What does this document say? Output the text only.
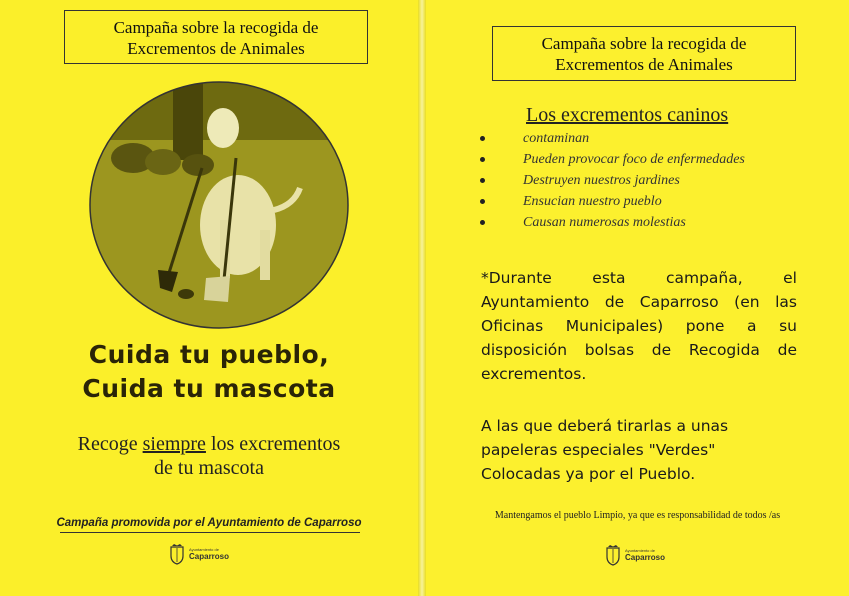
Campaña sobre la recogida de
Excrementos de Animales
Cuida tu pueblo,
Cuida tu mascota
Recoge siempre los excrementos
de tu mascota
Campaña promovida por el Ayuntamiento de Caparroso
Ayuntamiento de
Caparroso
Campaña sobre la recogida de
Excrementos de Animales
Los excrementos caninos
contaminan
Pueden provocar foco de enfermedades
Destruyen nuestros jardines
Ensucian nuestro pueblo
Causan numerosas molestias
*Durante esta campaña, el Ayuntamiento de Caparroso (en las Oficinas Municipales) pone a su disposición bolsas de Recogida de excrementos.
A las que deberá tirarlas a unas papeleras especiales "Verdes" Colocadas ya por el Pueblo.
Mantengamos el pueblo Limpio, ya que es responsabilidad de todos /as
Ayuntamiento de
Caparroso
